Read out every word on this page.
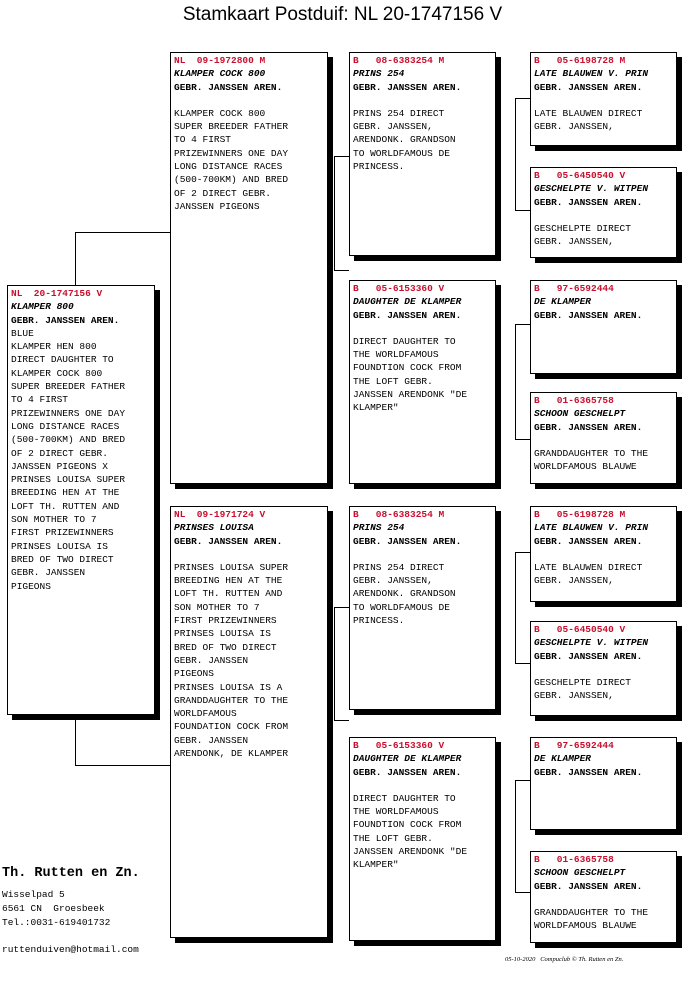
Stamkaart Postduif: NL 20-1747156 V
NL  20-1747156 V
KLAMPER 800
GEBR. JANSSEN AREN.
BLUE
KLAMPER HEN 800
DIRECT DAUGHTER TO
KLAMPER COCK 800
SUPER BREEDER FATHER
TO 4 FIRST
PRIZEWINNERS ONE DAY
LONG DISTANCE RACES
(500-700KM) AND BRED
OF 2 DIRECT GEBR.
JANSSEN PIGEONS X
PRINSES LOUISA SUPER
BREEDING HEN AT THE
LOFT TH. RUTTEN AND
SON MOTHER TO 7
FIRST PRIZEWINNERS
PRINSES LOUISA IS
BRED OF TWO DIRECT
GEBR. JANSSEN
PIGEONS
NL  09-1972800 M
KLAMPER COCK 800
GEBR. JANSSEN AREN.
KLAMPER COCK 800
SUPER BREEDER FATHER
TO 4 FIRST
PRIZEWINNERS ONE DAY
LONG DISTANCE RACES
(500-700KM) AND BRED
OF 2 DIRECT GEBR.
JANSSEN PIGEONS
NL  09-1971724 V
PRINSES LOUISA
GEBR. JANSSEN AREN.
PRINSES LOUISA SUPER
BREEDING HEN AT THE
LOFT TH. RUTTEN AND
SON MOTHER TO 7
FIRST PRIZEWINNERS
PRINSES LOUISA IS
BRED OF TWO DIRECT
GEBR. JANSSEN
PIGEONS
PRINSES LOUISA IS A
GRANDDAUGHTER TO THE
WORLDFAMOUS
FOUNDATION COCK FROM
GEBR. JANSSEN
ARENDONK, DE KLAMPER
B   08-6383254 M
PRINS 254
GEBR. JANSSEN AREN.
PRINS 254 DIRECT
GEBR. JANSSEN,
ARENDONK. GRANDSON
TO WORLDFAMOUS DE
PRINCESS.
B   05-6153360 V
DAUGHTER DE KLAMPER
GEBR. JANSSEN AREN.
DIRECT DAUGHTER TO
THE WORLDFAMOUS
FOUNDTION COCK FROM
THE LOFT GEBR.
JANSSEN ARENDONK "DE
KLAMPER"
B   08-6383254 M
PRINS 254
GEBR. JANSSEN AREN.
PRINS 254 DIRECT
GEBR. JANSSEN,
ARENDONK. GRANDSON
TO WORLDFAMOUS DE
PRINCESS.
B   05-6153360 V
DAUGHTER DE KLAMPER
GEBR. JANSSEN AREN.
DIRECT DAUGHTER TO
THE WORLDFAMOUS
FOUNDTION COCK FROM
THE LOFT GEBR.
JANSSEN ARENDONK "DE
KLAMPER"
B   05-6198728 M
LATE BLAUWEN V. PRIN
GEBR. JANSSEN AREN.
LATE BLAUWEN DIRECT
GEBR. JANSSEN,
B   05-6450540 V
GESCHELPTE V. WITPEN
GEBR. JANSSEN AREN.
GESCHELPTE DIRECT
GEBR. JANSSEN,
B   97-6592444
DE KLAMPER
GEBR. JANSSEN AREN.
B   01-6365758
SCHOON GESCHELPT
GEBR. JANSSEN AREN.
GRANDDAUGHTER TO THE
WORLDFAMOUS BLAUWE
B   05-6198728 M
LATE BLAUWEN V. PRIN
GEBR. JANSSEN AREN.
LATE BLAUWEN DIRECT
GEBR. JANSSEN,
B   05-6450540 V
GESCHELPTE V. WITPEN
GEBR. JANSSEN AREN.
GESCHELPTE DIRECT
GEBR. JANSSEN,
B   97-6592444
DE KLAMPER
GEBR. JANSSEN AREN.
B   01-6365758
SCHOON GESCHELPT
GEBR. JANSSEN AREN.
GRANDDAUGHTER TO THE
WORLDFAMOUS BLAUWE
Th. Rutten en Zn.
Wisselpad 5
6561 CN  Groesbeek
Tel.:0031-619401732
ruttenduiven@hotmail.com
05-10-2020   Compuclub © Th. Rutten en Zn.
